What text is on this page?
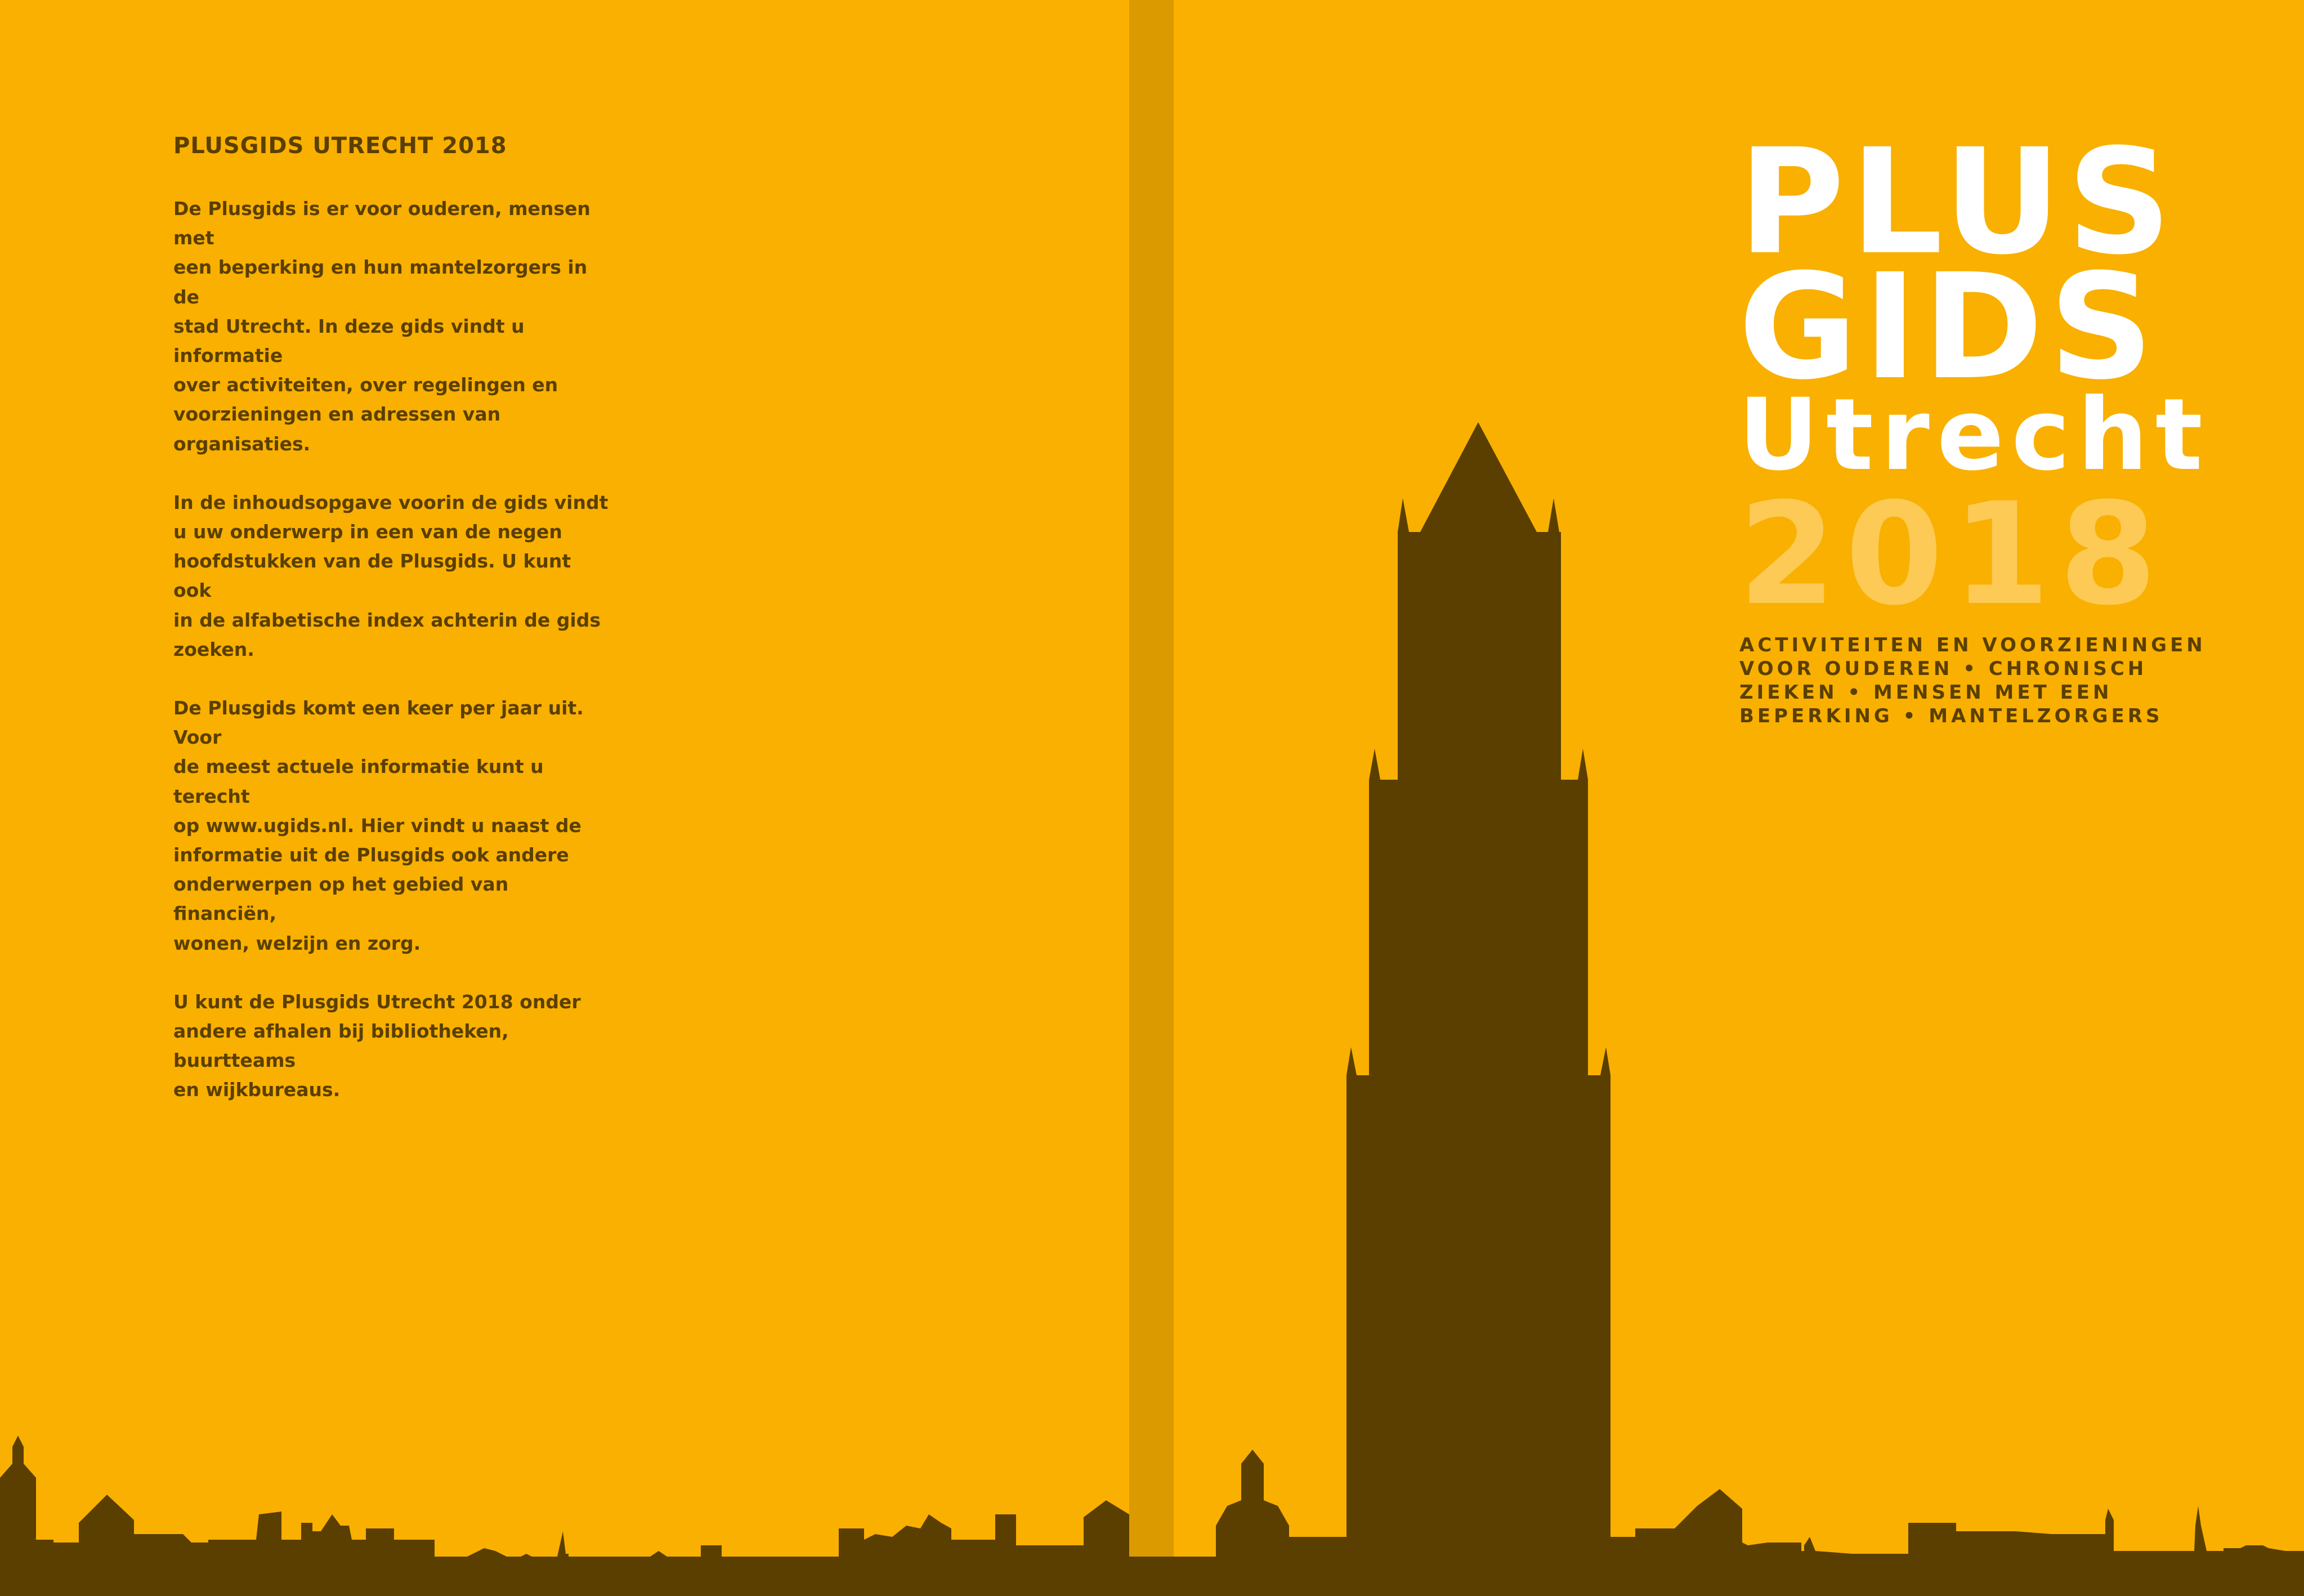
PLUSGIDS UTRECHT 2018

De Plusgids is er voor ouderen, mensen met
een beperking en hun mantelzorgers in de
stad Utrecht. In deze gids vindt u informatie
over activiteiten, over regelingen en
voorzieningen en adressen van organisaties.

In de inhoudsopgave voorin de gids vindt
u uw onderwerp in een van de negen
hoofdstukken van de Plusgids. U kunt ook
in de alfabetische index achterin de gids
zoeken.

De Plusgids komt een keer per jaar uit. Voor
de meest actuele informatie kunt u terecht
op www.ugids.nl. Hier vindt u naast de
informatie uit de Plusgids ook andere
onderwerpen op het gebied van financiën,
wonen, welzijn en zorg.

U kunt de Plusgids Utrecht 2018 onder
andere afhalen bij bibliotheken, buurtteams
en wijkbureaus.

PLUS
GIDS
Utrecht
2018
ACTIVITEITEN EN VOORZIENINGEN
VOOR OUDEREN • CHRONISCH
ZIEKEN • MENSEN MET EEN
BEPERKING • MANTELZORGERS
